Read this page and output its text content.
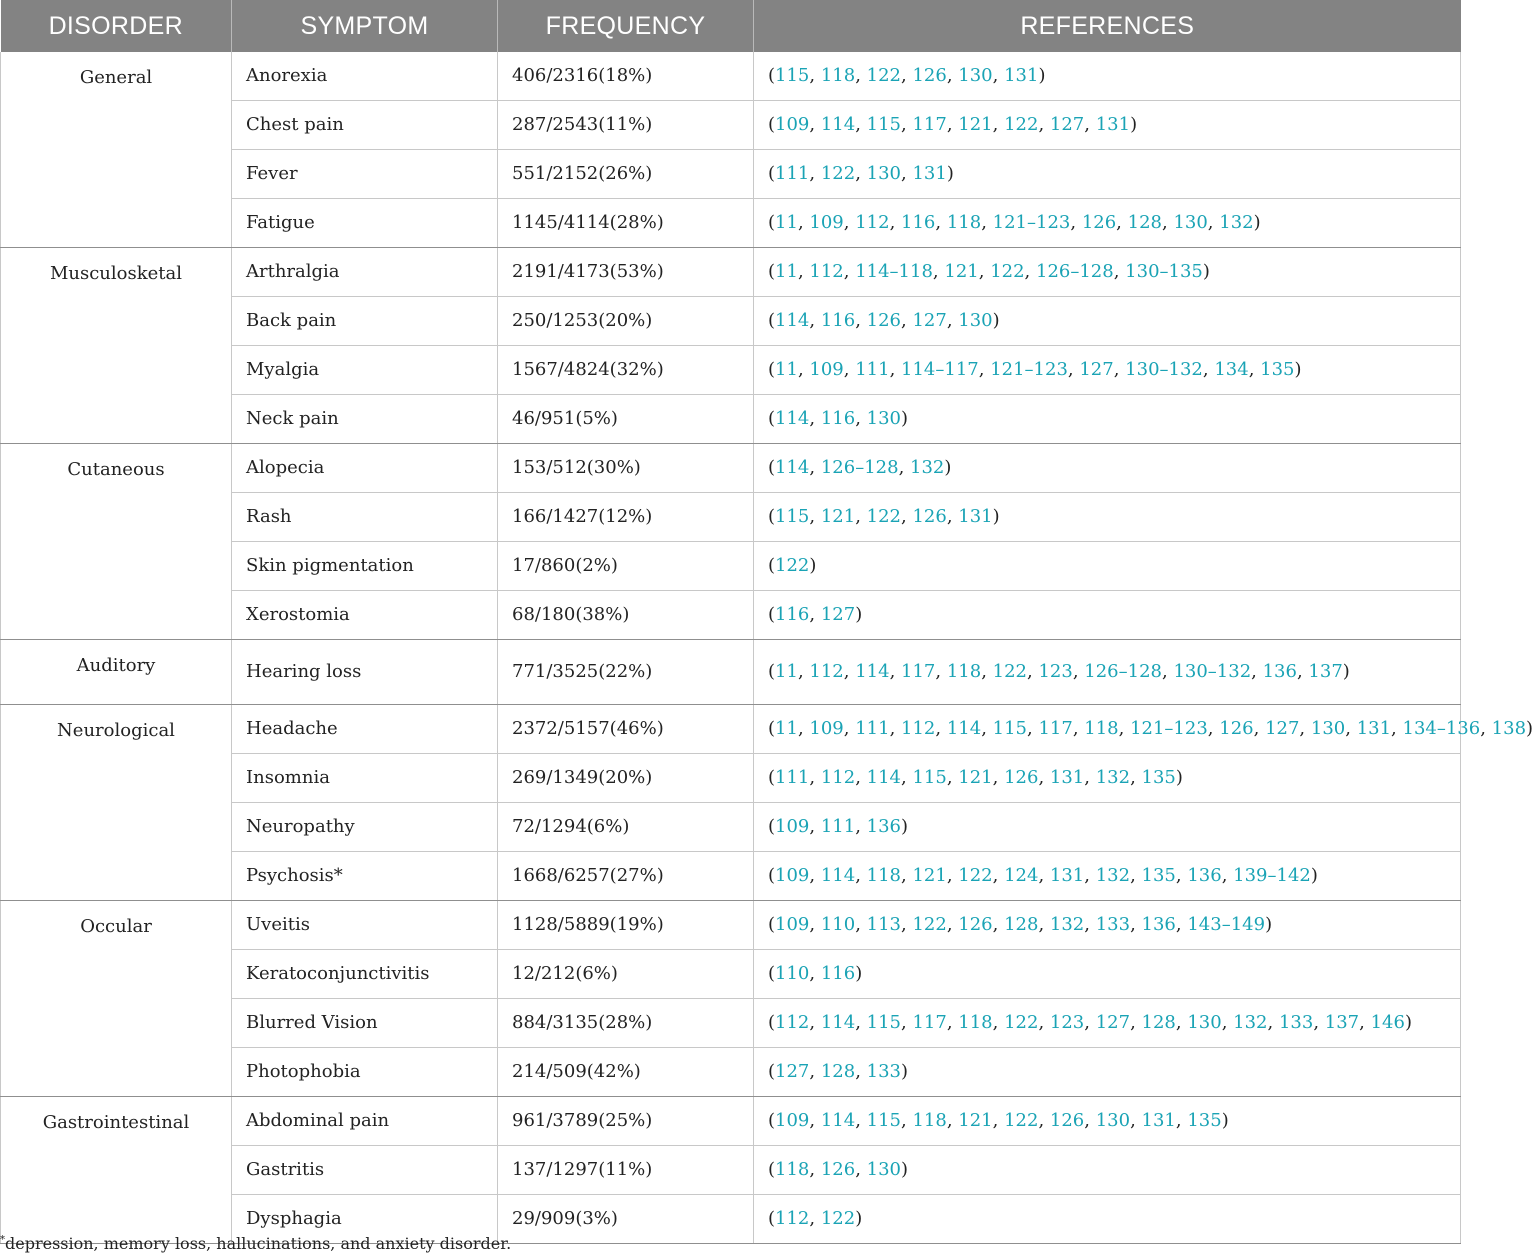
DISORDER	SYMPTOM	FREQUENCY	REFERENCES
General	Anorexia	406/2316(18%)	(115, 118, 122, 126, 130, 131)
	Chest pain	287/2543(11%)	(109, 114, 115, 117, 121, 122, 127, 131)
	Fever	551/2152(26%)	(111, 122, 130, 131)
	Fatigue	1145/4114(28%)	(11, 109, 112, 116, 118, 121–123, 126, 128, 130, 132)
Musculosketal	Arthralgia	2191/4173(53%)	(11, 112, 114–118, 121, 122, 126–128, 130–135)
	Back pain	250/1253(20%)	(114, 116, 126, 127, 130)
	Myalgia	1567/4824(32%)	(11, 109, 111, 114–117, 121–123, 127, 130–132, 134, 135)
	Neck pain	46/951(5%)	(114, 116, 130)
Cutaneous	Alopecia	153/512(30%)	(114, 126–128, 132)
	Rash	166/1427(12%)	(115, 121, 122, 126, 131)
	Skin pigmentation	17/860(2%)	(122)
	Xerostomia	68/180(38%)	(116, 127)
Auditory	Hearing loss	771/3525(22%)	(11, 112, 114, 117, 118, 122, 123, 126–128, 130–132, 136, 137)
Neurological	Headache	2372/5157(46%)	(11, 109, 111, 112, 114, 115, 117, 118, 121–123, 126, 127, 130, 131, 134–136, 138)
	Insomnia	269/1349(20%)	(111, 112, 114, 115, 121, 126, 131, 132, 135)
	Neuropathy	72/1294(6%)	(109, 111, 136)
	Psychosis*	1668/6257(27%)	(109, 114, 118, 121, 122, 124, 131, 132, 135, 136, 139–142)
Occular	Uveitis	1128/5889(19%)	(109, 110, 113, 122, 126, 128, 132, 133, 136, 143–149)
	Keratoconjunctivitis	12/212(6%)	(110, 116)
	Blurred Vision	884/3135(28%)	(112, 114, 115, 117, 118, 122, 123, 127, 128, 130, 132, 133, 137, 146)
	Photophobia	214/509(42%)	(127, 128, 133)
Gastrointestinal	Abdominal pain	961/3789(25%)	(109, 114, 115, 118, 121, 122, 126, 130, 131, 135)
	Gastritis	137/1297(11%)	(118, 126, 130)
	Dysphagia	29/909(3%)	(112, 122)
*depression, memory loss, hallucinations, and anxiety disorder.
